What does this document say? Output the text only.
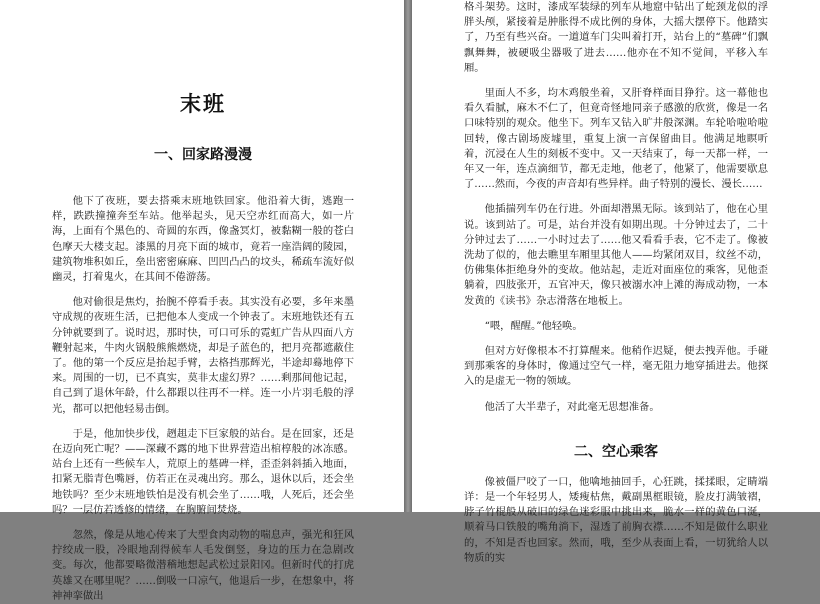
末班
一、回家路漫漫

他下了夜班，要去搭乘末班地铁回家。他沿着大街，逃跑一样，跌跌撞撞奔至车站。他举起头，见天空赤红而高大，如一片海，上面有个黑色的、奇圆的东西，像盏冥灯，被黏糊一般的苍白色摩天大楼支起。漆黑的月亮下面的城市，竟若一座浩阔的陵园，建筑物堆积如丘，垒出密密麻麻、凹凹凸凸的坟头，稀疏车流好似幽灵，打着鬼火，在其间不倦游荡。

他对偷很是焦灼，抬腕不停看手表。其实没有必要，多年来墨守成规的夜班生活，已把他本人变成一个钟表了。末班地铁还有五分钟就要到了。说时迟，那时快，可口可乐的霓虹广告从四面八方鞭射起来，牛肉火锅般熊熊燃烧，却是子蓝色的，把月亮都遮蔽住了。他的第一个反应是抬起手臂，去格挡那辉光，半途却蓦地停下来。周围的一切，已不真实，莫非太虚幻界？……剩那间他记起，自己到了退休年龄，什么都跟以往再不一样。连一小片羽毛般的浮光，都可以把他轻易击倒。

于是，他加快步伐，趔趄走下巨家般的站台。是在回家，还是在迈向死亡呢？——深藏不露的地下世界营造出棺椁般的冰冻感。站台上还有一些候车人，荒原上的墓碑一样，歪歪斜斜插入地面，扣紧无脂青色嘴唇，仿若正在灵魂出窍。那么，退休以后，还会坐地铁吗？至少末班地铁怕是没有机会坐了……哦，人死后，还会坐吗？一层仿若透修的情绪，在胸腑间焚烧。

忽然，像是从地心传来了大型食肉动物的喘息声，强光和狂风拧绞成一股，冷眼地刮得候车人毛发倒竖，身边的压力在急剧改变。每次，他都要略微潜稽地想起武松过景阳冈。但新时代的打虎英雄又在哪里呢？……倒吸一口凉气，他退后一步，在想象中，将神神挛做出

格斗架势。这时，漆成军装绿的列车从地窟中钻出了蛇颈龙似的浮胖头颅，紧接着是肿胀得不成比例的身体，大摇大摆停下。他踏实了，乃至有些兴奋。一道道车门尖叫着打开，站台上的“墓碑”们飘飘舞舞，被硬吸尘器吸了进去……他亦在不知不觉间，平移入车厢。

里面人不多，均木鸡般坐着，又肝脊样面目狰狞。这一幕他也看久看腻，麻木不仁了，但竟奇怪地同亲子感激的欣赏，像是一名口味特别的观众。他坐下。列车又钻入旷井般深渊。车轮哈啦哈啦回转，像古剧场废墟里，重复上演一言保留曲目。他满足地瞑听着，沉浸在人生的刻板不变中。又一天结束了，每一天都一样，一年又一年，连点滴细节，都无走地，他老了，他紧了，他需要歇息了……然而，今夜的声音却有些异样。曲子特别的漫长、漫长……

他插揣列车仍在行进。外面却潜黑无际。该到站了，他在心里说。该到站了。可是，站台并没有如期出现。十分钟过去了，二十分钟过去了……一小时过去了……他又看看手表，它不走了。像被洗劫了似的，他去瞧里车厢里其他人——均紧闭双目，纹丝不动，仿佛集体拒绝身外的变故。他站起，走近对面座位的乘客，见他歪躺着，四肢张开，五官冲天，像只被溺水冲上滩的海成动物，一本发黄的《读书》杂志滑落在地板上。

“喂，醒醒。”他轻唤。

但对方好像根本不打算醒来。他稍作迟疑，便去拽弄他。手碰到那乘客的身体时，像通过空气一样，毫无阻力地穿插进去。他探入的是虚无一物的领域。

他活了大半辈子，对此毫无思想准备。

二、空心乘客

像被僵尸咬了一口，他噙地抽回手，心狂跳，揉揉眼，定睛端详：是一个年轻男人，矮瘦枯焦，戴副黑框眼镜，脸皮打满皱褶，脖子竹棍般从破旧的绿色迷彩服中挑出来，脆水一样的黄色口涎，顺着马口铁般的嘴角淌下，湿透了前胸衣襟……不知是做什么职业的，不知是否也回家。然而，哦，至少从表面上看，一切犹给人以物质的实
